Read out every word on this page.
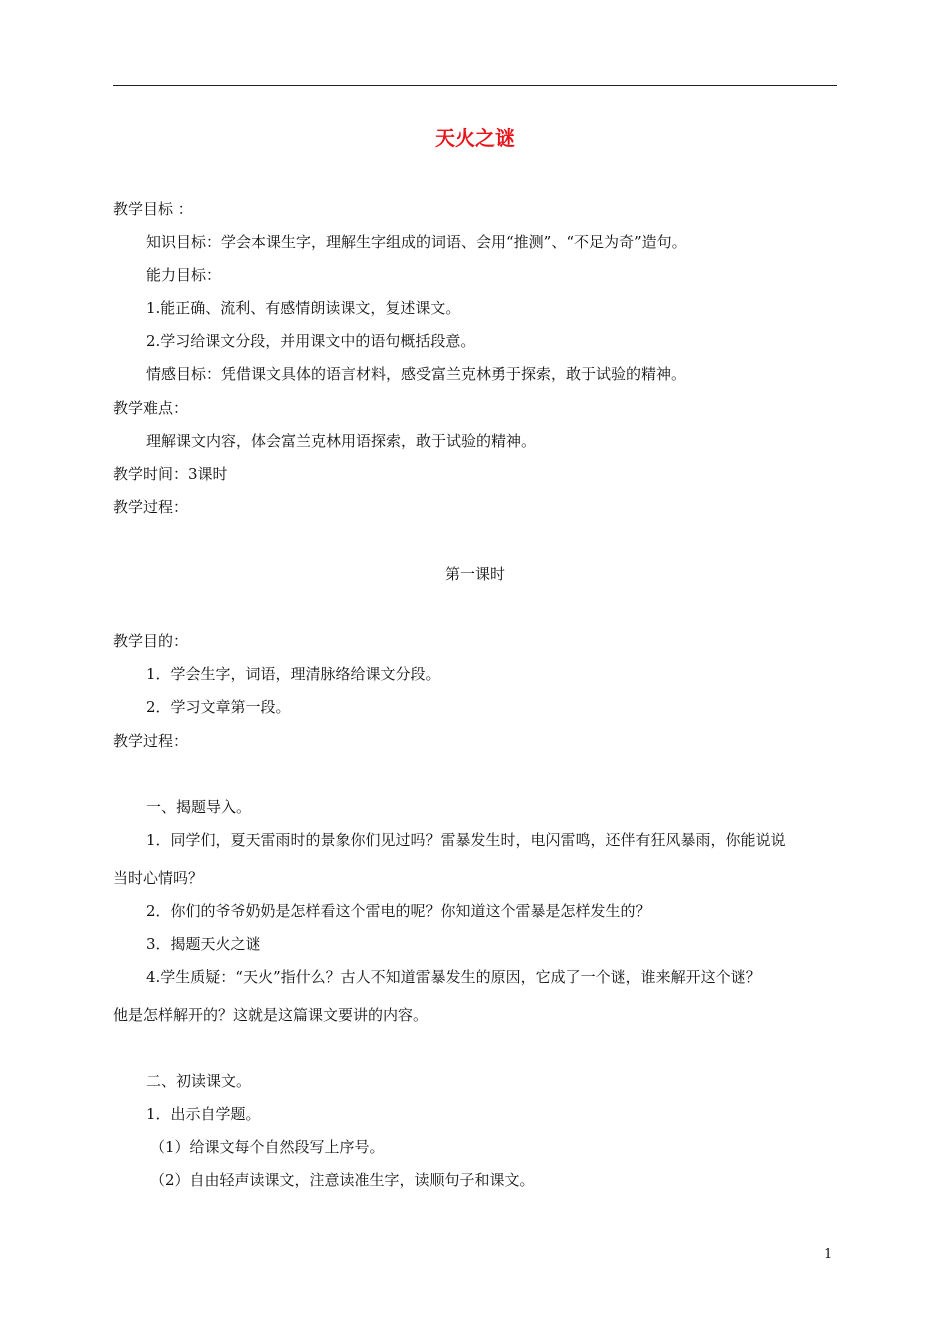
天火之谜
教学目标 ：
知识目标：学会本课生字，理解生字组成的词语、会用“推测”、“不足为奇”造句。
能力目标：
1.能正确、流利、有感情朗读课文，复述课文。
2.学习给课文分段，并用课文中的语句概括段意。
情感目标：凭借课文具体的语言材料，感受富兰克林勇于探索，敢于试验的精神。
教学难点：
理解课文内容，体会富兰克林用语探索，敢于试验的精神。
教学时间：3课时
教学过程：
第一课时
教学目的：
1．学会生字，词语，理清脉络给课文分段。
2．学习文章第一段。
教学过程：
一、揭题导入。
1．同学们，夏天雷雨时的景象你们见过吗？雷暴发生时，电闪雷鸣，还伴有狂风暴雨，你能说说
当时心情吗？
2．你们的爷爷奶奶是怎样看这个雷电的呢？你知道这个雷暴是怎样发生的？
3．揭题天火之谜
4.学生质疑：“天火”指什么？古人不知道雷暴发生的原因，它成了一个谜，谁来解开这个谜？
他是怎样解开的？这就是这篇课文要讲的内容。
二、初读课文。
1．出示自学题。
（1）给课文每个自然段写上序号。
（2）自由轻声读课文，注意读准生字，读顺句子和课文。
1
